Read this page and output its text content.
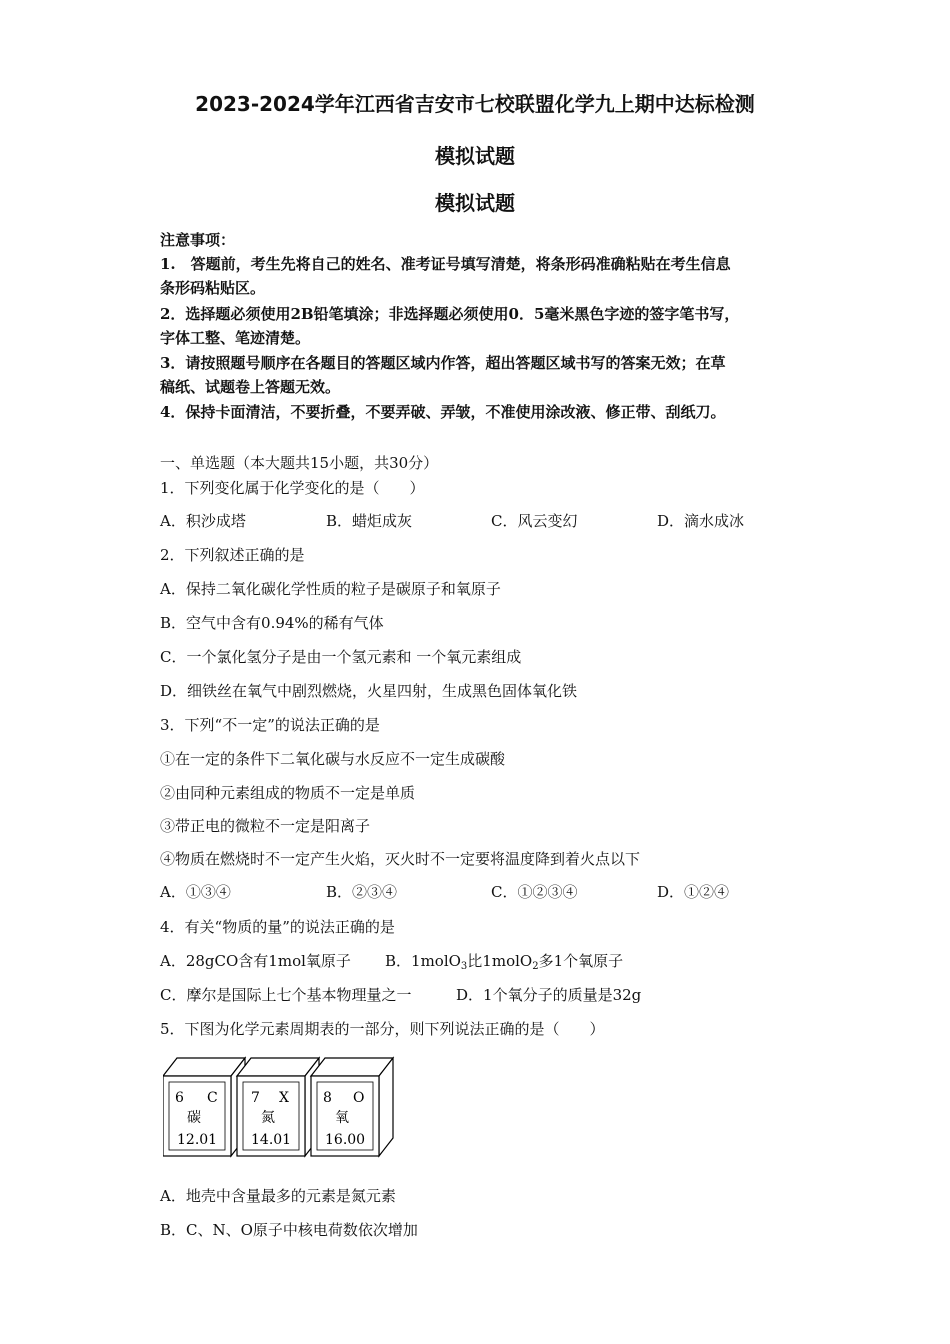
2023-2024学年江西省吉安市七校联盟化学九上期中达标检测
模拟试题
模拟试题
注意事项：
1.　答题前，考生先将自己的姓名、准考证号填写清楚，将条形码准确粘贴在考生信息
条形码粘贴区。
2．选择题必须使用2B铅笔填涂；非选择题必须使用0．5毫米黑色字迹的签字笔书写，
字体工整、笔迹清楚。
3．请按照题号顺序在各题目的答题区域内作答，超出答题区域书写的答案无效；在草
稿纸、试题卷上答题无效。
4．保持卡面清洁，不要折叠，不要弄破、弄皱，不准使用涂改液、修正带、刮纸刀。
一、单选题（本大题共15小题，共30分）
1．下列变化属于化学变化的是（　　）
A．积沙成塔	B．蜡炬成灰	C．风云变幻	D．滴水成冰
2．下列叙述正确的是
A．保持二氧化碳化学性质的粒子是碳原子和氧原子
B．空气中含有0.94%的稀有气体
C．一个氯化氢分子是由一个氢元素和 一个氧元素组成
D．细铁丝在氧气中剧烈燃烧，火星四射，生成黑色固体氧化铁
3．下列“不一定”的说法正确的是
①在一定的条件下二氧化碳与水反应不一定生成碳酸
②由同种元素组成的物质不一定是单质
③带正电的微粒不一定是阳离子
④物质在燃烧时不一定产生火焰，灭火时不一定要将温度降到着火点以下
A．①③④	B．②③④	C．①②③④	D．①②④
4．有关“物质的量”的说法正确的是
A．28gCO含有1mol氧原子 B．1molO$_3$比1molO$_2$多1个氧原子
C．摩尔是国际上七个基本物理量之一	D．1个氧分子的质量是32g
5．下图为化学元素周期表的一部分，则下列说法正确的是（　　）
6 C
碳
12.01
7 X
氮
14.01
8 O
氧
16.00
A．地壳中含量最多的元素是氮元素
B．C、N、O原子中核电荷数依次增加
